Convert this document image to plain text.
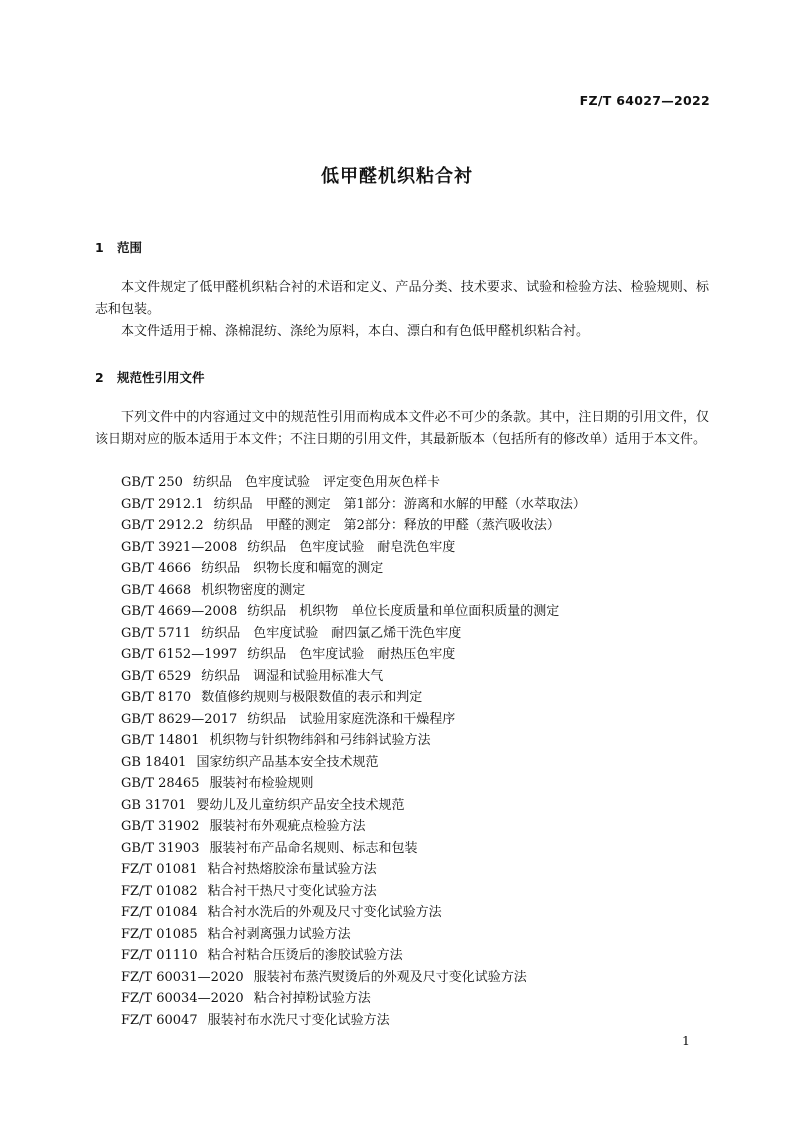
FZ/T 64027—2022
低甲醛机织粘合衬
1 范围
本文件规定了低甲醛机织粘合衬的术语和定义、产品分类、技术要求、试验和检验方法、检验规则、标志和包装。
本文件适用于棉、涤棉混纺、涤纶为原料，本白、漂白和有色低甲醛机织粘合衬。
2 规范性引用文件
下列文件中的内容通过文中的规范性引用而构成本文件必不可少的条款。其中，注日期的引用文件，仅该日期对应的版本适用于本文件；不注日期的引用文件，其最新版本（包括所有的修改单）适用于本文件。
GB/T 250 纺织品　色牢度试验　评定变色用灰色样卡
GB/T 2912.1 纺织品　甲醛的测定　第1部分：游离和水解的甲醛（水萃取法）
GB/T 2912.2 纺织品　甲醛的测定　第2部分：释放的甲醛（蒸汽吸收法）
GB/T 3921—2008 纺织品　色牢度试验　耐皂洗色牢度
GB/T 4666 纺织品　织物长度和幅宽的测定
GB/T 4668 机织物密度的测定
GB/T 4669—2008 纺织品　机织物　单位长度质量和单位面积质量的测定
GB/T 5711 纺织品　色牢度试验　耐四氯乙烯干洗色牢度
GB/T 6152—1997 纺织品　色牢度试验　耐热压色牢度
GB/T 6529 纺织品　调湿和试验用标准大气
GB/T 8170 数值修约规则与极限数值的表示和判定
GB/T 8629—2017 纺织品　试验用家庭洗涤和干燥程序
GB/T 14801 机织物与针织物纬斜和弓纬斜试验方法
GB 18401 国家纺织产品基本安全技术规范
GB/T 28465 服装衬布检验规则
GB 31701 婴幼儿及儿童纺织产品安全技术规范
GB/T 31902 服装衬布外观疵点检验方法
GB/T 31903 服装衬布产品命名规则、标志和包装
FZ/T 01081 粘合衬热熔胶涂布量试验方法
FZ/T 01082 粘合衬干热尺寸变化试验方法
FZ/T 01084 粘合衬水洗后的外观及尺寸变化试验方法
FZ/T 01085 粘合衬剥离强力试验方法
FZ/T 01110 粘合衬粘合压烫后的渗胶试验方法
FZ/T 60031—2020 服装衬布蒸汽熨烫后的外观及尺寸变化试验方法
FZ/T 60034—2020 粘合衬掉粉试验方法
FZ/T 60047 服装衬布水洗尺寸变化试验方法
1
